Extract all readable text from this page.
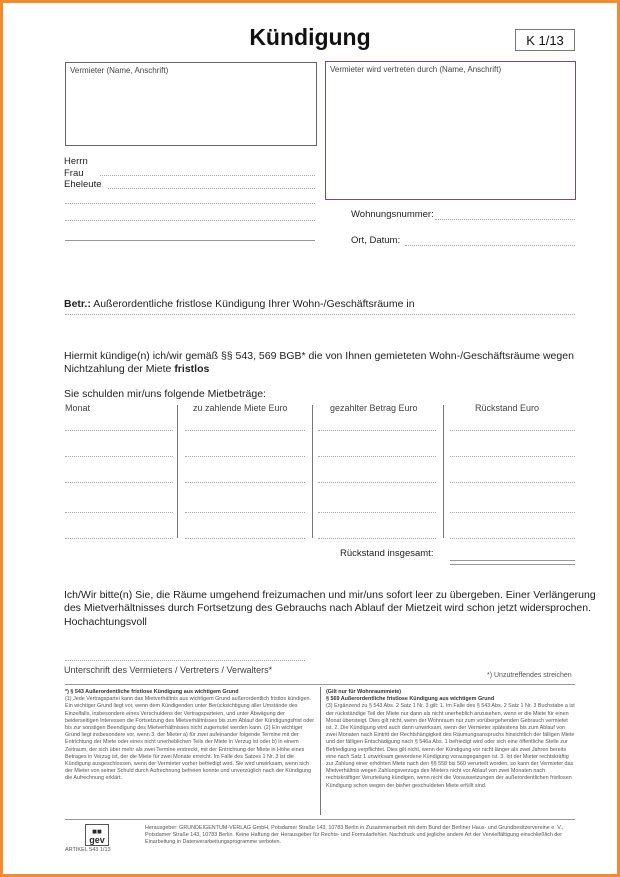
Kündigung	K 1/13
Vermieter (Name, Anschrift)	Vermieter wird vertreten durch (Name, Anschrift)
Herrn
Frau
Eheleute
Wohnungsnummer:
Ort, Datum:
Betr.: Außerordentliche fristlose Kündigung Ihrer Wohn-/Geschäftsräume in
Hiermit kündige(n) ich/wir gemäß §§ 543, 569 BGB* die von Ihnen gemieteten Wohn-/Geschäftsräume wegen
Nichtzahlung der Miete fristlos
Sie schulden mir/uns folgende Mietbeträge:
Monat	zu zahlende Miete Euro	gezahlter Betrag Euro	Rückstand Euro
Rückstand insgesamt:
Ich/Wir bitte(n) Sie, die Räume umgehend freizumachen und mir/uns sofort leer zu übergeben. Einer Verlängerung
des Mietverhältnisses durch Fortsetzung des Gebrauchs nach Ablauf der Mietzeit wird schon jetzt widersprochen.
Hochachtungsvoll
Unterschrift des Vermieters / Vertreters / Verwalters*
*) Unzutreffendes streichen
*) § 543 Außerordentliche fristlose Kündigung aus wichtigem Grund
(1) Jede Vertragspartei kann das Mietverhältnis aus wichtigem Grund außerordentlich fristlos kündigen. Ein wichtiger Grund liegt vor, wenn dem Kündigenden unter Berücksichtigung aller Umstände des Einzelfalls, insbesondere eines Verschuldens der Vertragsparteien, und unter Abwägung der beiderseitigen Interessen die Fortsetzung des Mietverhältnisses bis zum Ablauf der Kündigungsfrist oder bis zur sonstigen Beendigung des Mietverhältnisses nicht zugemutet werden kann. (2) Ein wichtiger Grund liegt insbesondere vor, wenn 3. der Mieter a) für zwei aufeinander folgende Termine mit der Entrichtung der Miete oder eines nicht unerheblichen Teils der Miete in Verzug ist oder b) in einem Zeitraum, der sich über mehr als zwei Termine erstreckt, mit der Entrichtung der Miete in Höhe eines Betrages in Verzug ist, der die Miete für zwei Monate erreicht. Im Falle des Satzes 1 Nr. 3 ist die Kündigung ausgeschlossen, wenn der Vermieter vorher befriedigt wird. Sie wird unwirksam, wenn sich der Mieter von seiner Schuld durch Aufrechnung befreien konnte und unverzüglich nach der Kündigung die Aufrechnung erklärt.
(Gilt nur für Wohnraummiete)
§ 569 Außerordentliche fristlose Kündigung aus wichtigem Grund
(3) Ergänzend zu § 543 Abs. 2 Satz 1 Nr. 3 gilt: 1. Im Falle des § 543 Abs. 2 Satz 1 Nr. 3 Buchstabe a ist der rückständige Teil der Miete nur dann als nicht unerheblich anzusehen, wenn er die Miete für einen Monat übersteigt. Dies gilt nicht, wenn der Wohnraum nur zum vorübergehenden Gebrauch vermietet ist. 2. Die Kündigung wird auch dann unwirksam, wenn der Vermieter spätestens bis zum Ablauf von zwei Monaten nach Eintritt der Rechtshängigkeit des Räumungsanspruchs hinsichtlich der fälligen Miete und der fälligen Entschädigung nach § 546a Abs. 1 befriedigt wird oder sich eine öffentliche Stelle zur Befriedigung verpflichtet. Dies gilt nicht, wenn der Kündigung vor nicht länger als zwei Jahren bereits eine nach Satz 1 unwirksam gewordene Kündigung vorausgegangen ist. 3. Ist der Mieter rechtskräftig zur Zahlung einer erhöhten Miete nach den §§ 558 bis 560 verurteilt worden, so kann der Vermieter das Mietverhältnis wegen Zahlungsverzugs des Mieters nicht vor Ablauf von zwei Monaten nach rechtskräftiger Verurteilung kündigen, wenn nicht die Voraussetzungen der außerordentlichen fristlosen Kündigung schon wegen der bisher geschuldeten Miete erfüllt sind.
■■
gev
ARTIKEL 543 1/13
Herausgeber: GRUNDEIGENTUM-VERLAG GmbH, Potsdamer Straße 143, 10783 Berlin in Zusammenarbeit mit dem Bund der Berliner Haus- und Grundbesitzervereine e. V., Potsdamer Straße 143, 10783 Berlin. Keine Haftung der Herausgeber für Rechts- und Formularfehler. Nachdruck und jegliche andere Art der Vervielfältigung einschließlich der Einarbeitung in Datenverarbeitungsprogramme verboten.
